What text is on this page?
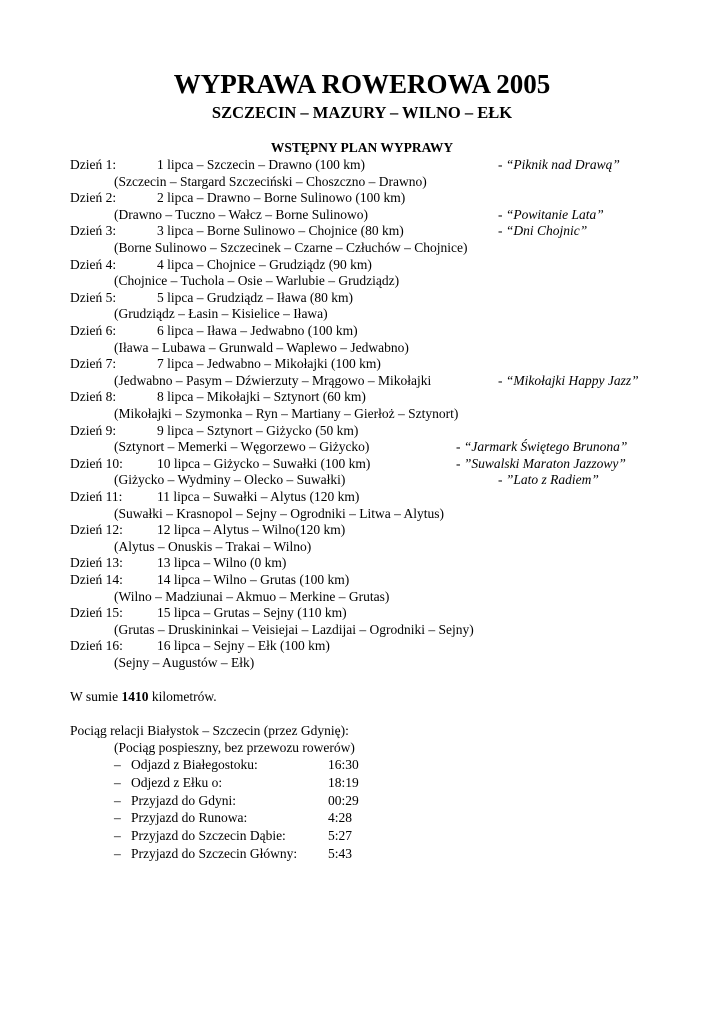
WYPRAWA ROWEROWA 2005
SZCZECIN – MAZURY – WILNO – EŁK
WSTĘPNY PLAN WYPRAWY
Dzień 1:	1 lipca – Szczecin – Drawno (100 km)	- “Piknik nad Drawą”
(Szczecin – Stargard Szczeciński – Choszczno – Drawno)
Dzień 2:	2 lipca – Drawno – Borne Sulinowo (100 km)
(Drawno – Tuczno – Wałcz – Borne Sulinowo)	- “Powitanie Lata”
Dzień 3:	3 lipca – Borne Sulinowo – Chojnice (80 km)	- “Dni Chojnic”
(Borne Sulinowo – Szczecinek – Czarne – Człuchów – Chojnice)
Dzień 4:	4 lipca – Chojnice – Grudziądz (90 km)
(Chojnice – Tuchola – Osie – Warlubie – Grudziądz)
Dzień 5:	5 lipca – Grudziądz – Iława (80 km)
(Grudziądz – Łasin – Kisielice – Iława)
Dzień 6:	6 lipca – Iława – Jedwabno (100 km)
(Iława – Lubawa – Grunwald – Waplewo – Jedwabno)
Dzień 7:	7 lipca – Jedwabno – Mikołajki (100 km)
(Jedwabno – Pasym – Dźwierzuty – Mrągowo – Mikołajki	- “Mikołajki Happy Jazz”
Dzień 8:	8 lipca – Mikołajki – Sztynort (60 km)
(Mikołajki – Szymonka – Ryn – Martiany – Gierłoż – Sztynort)
Dzień 9:	9 lipca – Sztynort – Giżycko (50 km)
(Sztynort – Memerki – Węgorzewo – Giżycko)	- “Jarmark Świętego Brunona”
Dzień 10:	10 lipca – Giżycko – Suwałki (100 km)	- ”Suwalski Maraton Jazzowy”
(Giżycko – Wydminy – Olecko – Suwałki)	- ”Lato z Radiem”
Dzień 11:	11 lipca – Suwałki – Alytus (120 km)
(Suwałki – Krasnopol – Sejny – Ogrodniki – Litwa – Alytus)
Dzień 12:	12 lipca – Alytus – Wilno(120 km)
(Alytus – Onuskis – Trakai – Wilno)
Dzień 13:	13 lipca – Wilno (0 km)
Dzień 14:	14 lipca – Wilno – Grutas (100 km)
(Wilno – Madziunai – Akmuo – Merkine – Grutas)
Dzień 15:	15 lipca – Grutas – Sejny (110 km)
(Grutas – Druskininkai – Veisiejai – Lazdijai – Ogrodniki – Sejny)
Dzień 16:	16 lipca – Sejny – Ełk (100 km)
(Sejny – Augustów – Ełk)
W sumie 1410 kilometrów.
Pociąg relacji Białystok – Szczecin (przez Gdynię):
(Pociąg pospieszny, bez przewozu rowerów)
– Odjazd z Białegostoku:	16:30
– Odjezd z Ełku o:	18:19
– Przyjazd do Gdyni:	00:29
– Przyjazd do Runowa:	4:28
– Przyjazd do Szczecin Dąbie:	5:27
– Przyjazd do Szczecin Główny: 5:43
